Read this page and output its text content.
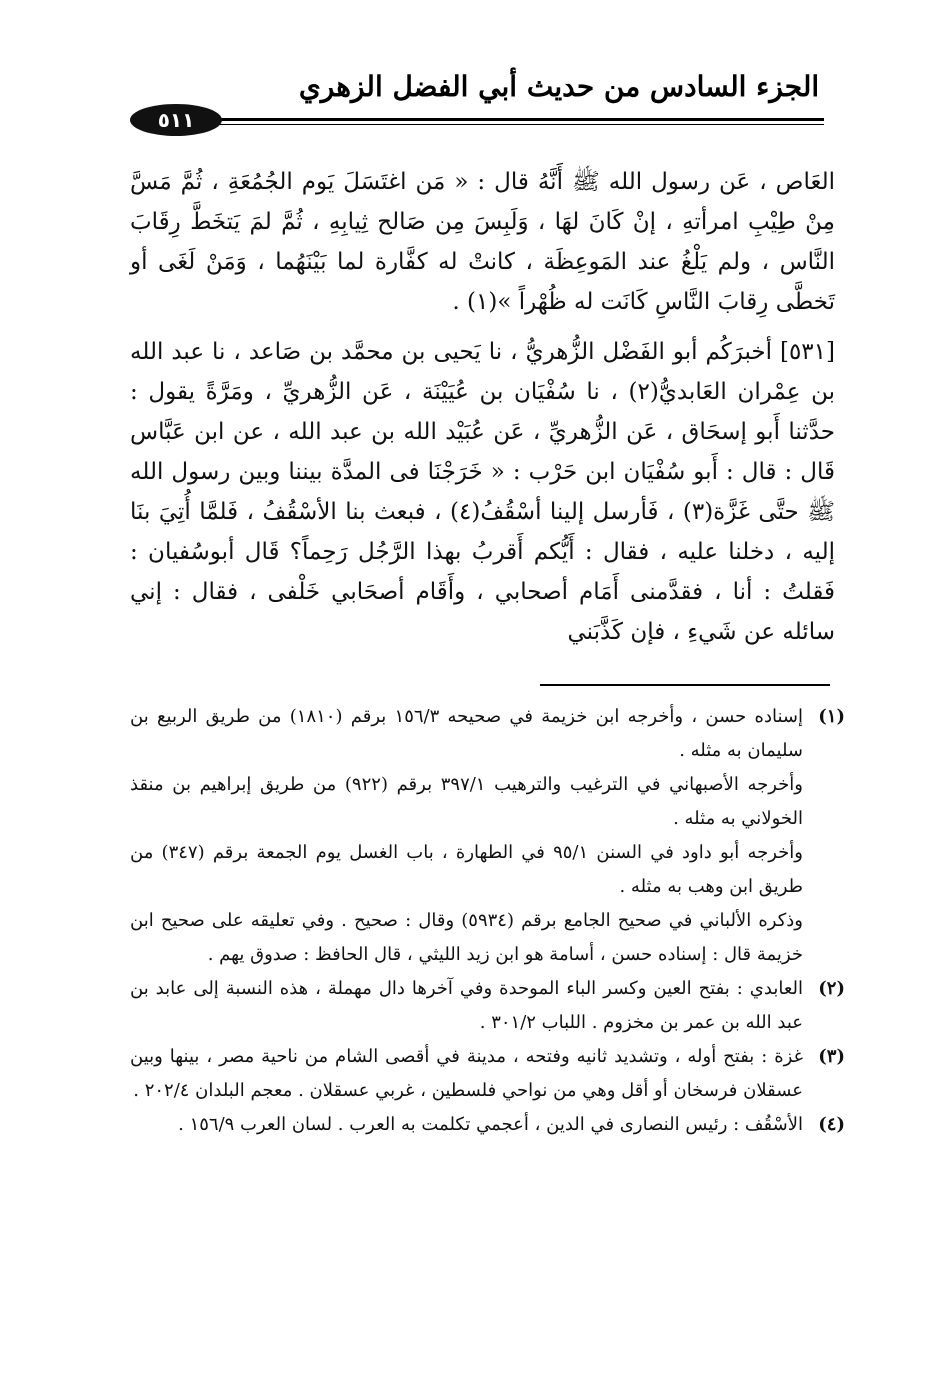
الجزء السادس من حديث أبي الفضل الزهري
٥١١

العَاص ، عَن رسول الله ﷺ أَنَّهُ قال : « مَن اغتَسَلَ يَوم الجُمُعَةِ ، ثُمَّ مَسَّ مِنْ طِيْبِ امرأتهِ ، إنْ كَانَ لهَا ، وَلَبِسَ مِن صَالح ثِيابِهِ ، ثُمَّ لمَ يَتخَطَّ رِقَابَ النَّاس ، ولم يَلْغُ عند المَوعِظَة ، كانتْ له كفَّارة لما بَيْنَهُما ، وَمَنْ لَغَى أو تَخطَّى رِقابَ النَّاسِ كَانَت له ظُهْراً »(١) .

[٥٣١] أخبرَكُم أبو الفَضْل الزُّهريُّ ، نا يَحيى بن محمَّد بن صَاعد ، نا عبد الله بن عِمْران العَابديُّ(٢) ، نا سُفْيَان بن عُيَيْنَة ، عَن الزُّهريِّ ، ومَرَّةً يقول : حدَّثنا أَبو إسحَاق ، عَن الزُّهريِّ ، عَن عُبَيْد الله بن عبد الله ، عن ابن عَبَّاس قَال : قال : أَبو سُفْيَان ابن حَرْب : « خَرَجْنَا فى المدَّة بيننا وبين رسول الله ﷺ حتَّى غَزَّة(٣) ، فَأرسل إلينا أسْقُفُ(٤) ، فبعث بنا الأسْقُفُ ، فَلمَّا أُتِيَ بنَا إليه ، دخلنا عليه ، فقال : أَيُّكم أَقربُ بهذا الرَّجُل رَحِماً؟ قَال أبوسُفيان : فَقلتُ : أنا ، فقدَّمنى أَمَام أصحابي ، وأَقَام أصحَابي خَلْفى ، فقال : إني سائله عن شَيءِ ، فإن كَذَّبَني

(١)

إسناده حسن ، وأخرجه ابن خزيمة في صحيحه ١٥٦/٣ برقم (١٨١٠) من طريق الربيع بن سليمان به مثله .

وأخرجه الأصبهاني في الترغيب والترهيب ٣٩٧/١ برقم (٩٢٢) من طريق إبراهيم بن منقذ الخولاني به مثله .

وأخرجه أبو داود في السنن ٩٥/١ في الطهارة ، باب الغسل يوم الجمعة برقم (٣٤٧) من طريق ابن وهب به مثله .

وذكره الألباني في صحيح الجامع برقم (٥٩٣٤) وقال : صحيح . وفي تعليقه على صحيح ابن خزيمة قال : إسناده حسن ، أسامة هو ابن زيد الليثي ، قال الحافظ : صدوق يهم .

(٢)

العابدي : بفتح العين وكسر الباء الموحدة وفي آخرها دال مهملة ، هذه النسبة إلى عابد بن عبد الله بن عمر بن مخزوم . اللباب ٣٠١/٢ .

(٣)

غزة : بفتح أوله ، وتشديد ثانيه وفتحه ، مدينة في أقصى الشام من ناحية مصر ، بينها وبين عسقلان فرسخان أو أقل وهي من نواحي فلسطين ، غربي عسقلان . معجم البلدان ٢٠٢/٤ .

(٤)

الأسْقُف : رئيس النصارى في الدين ، أعجمي تكلمت به العرب . لسان العرب ١٥٦/٩ .
